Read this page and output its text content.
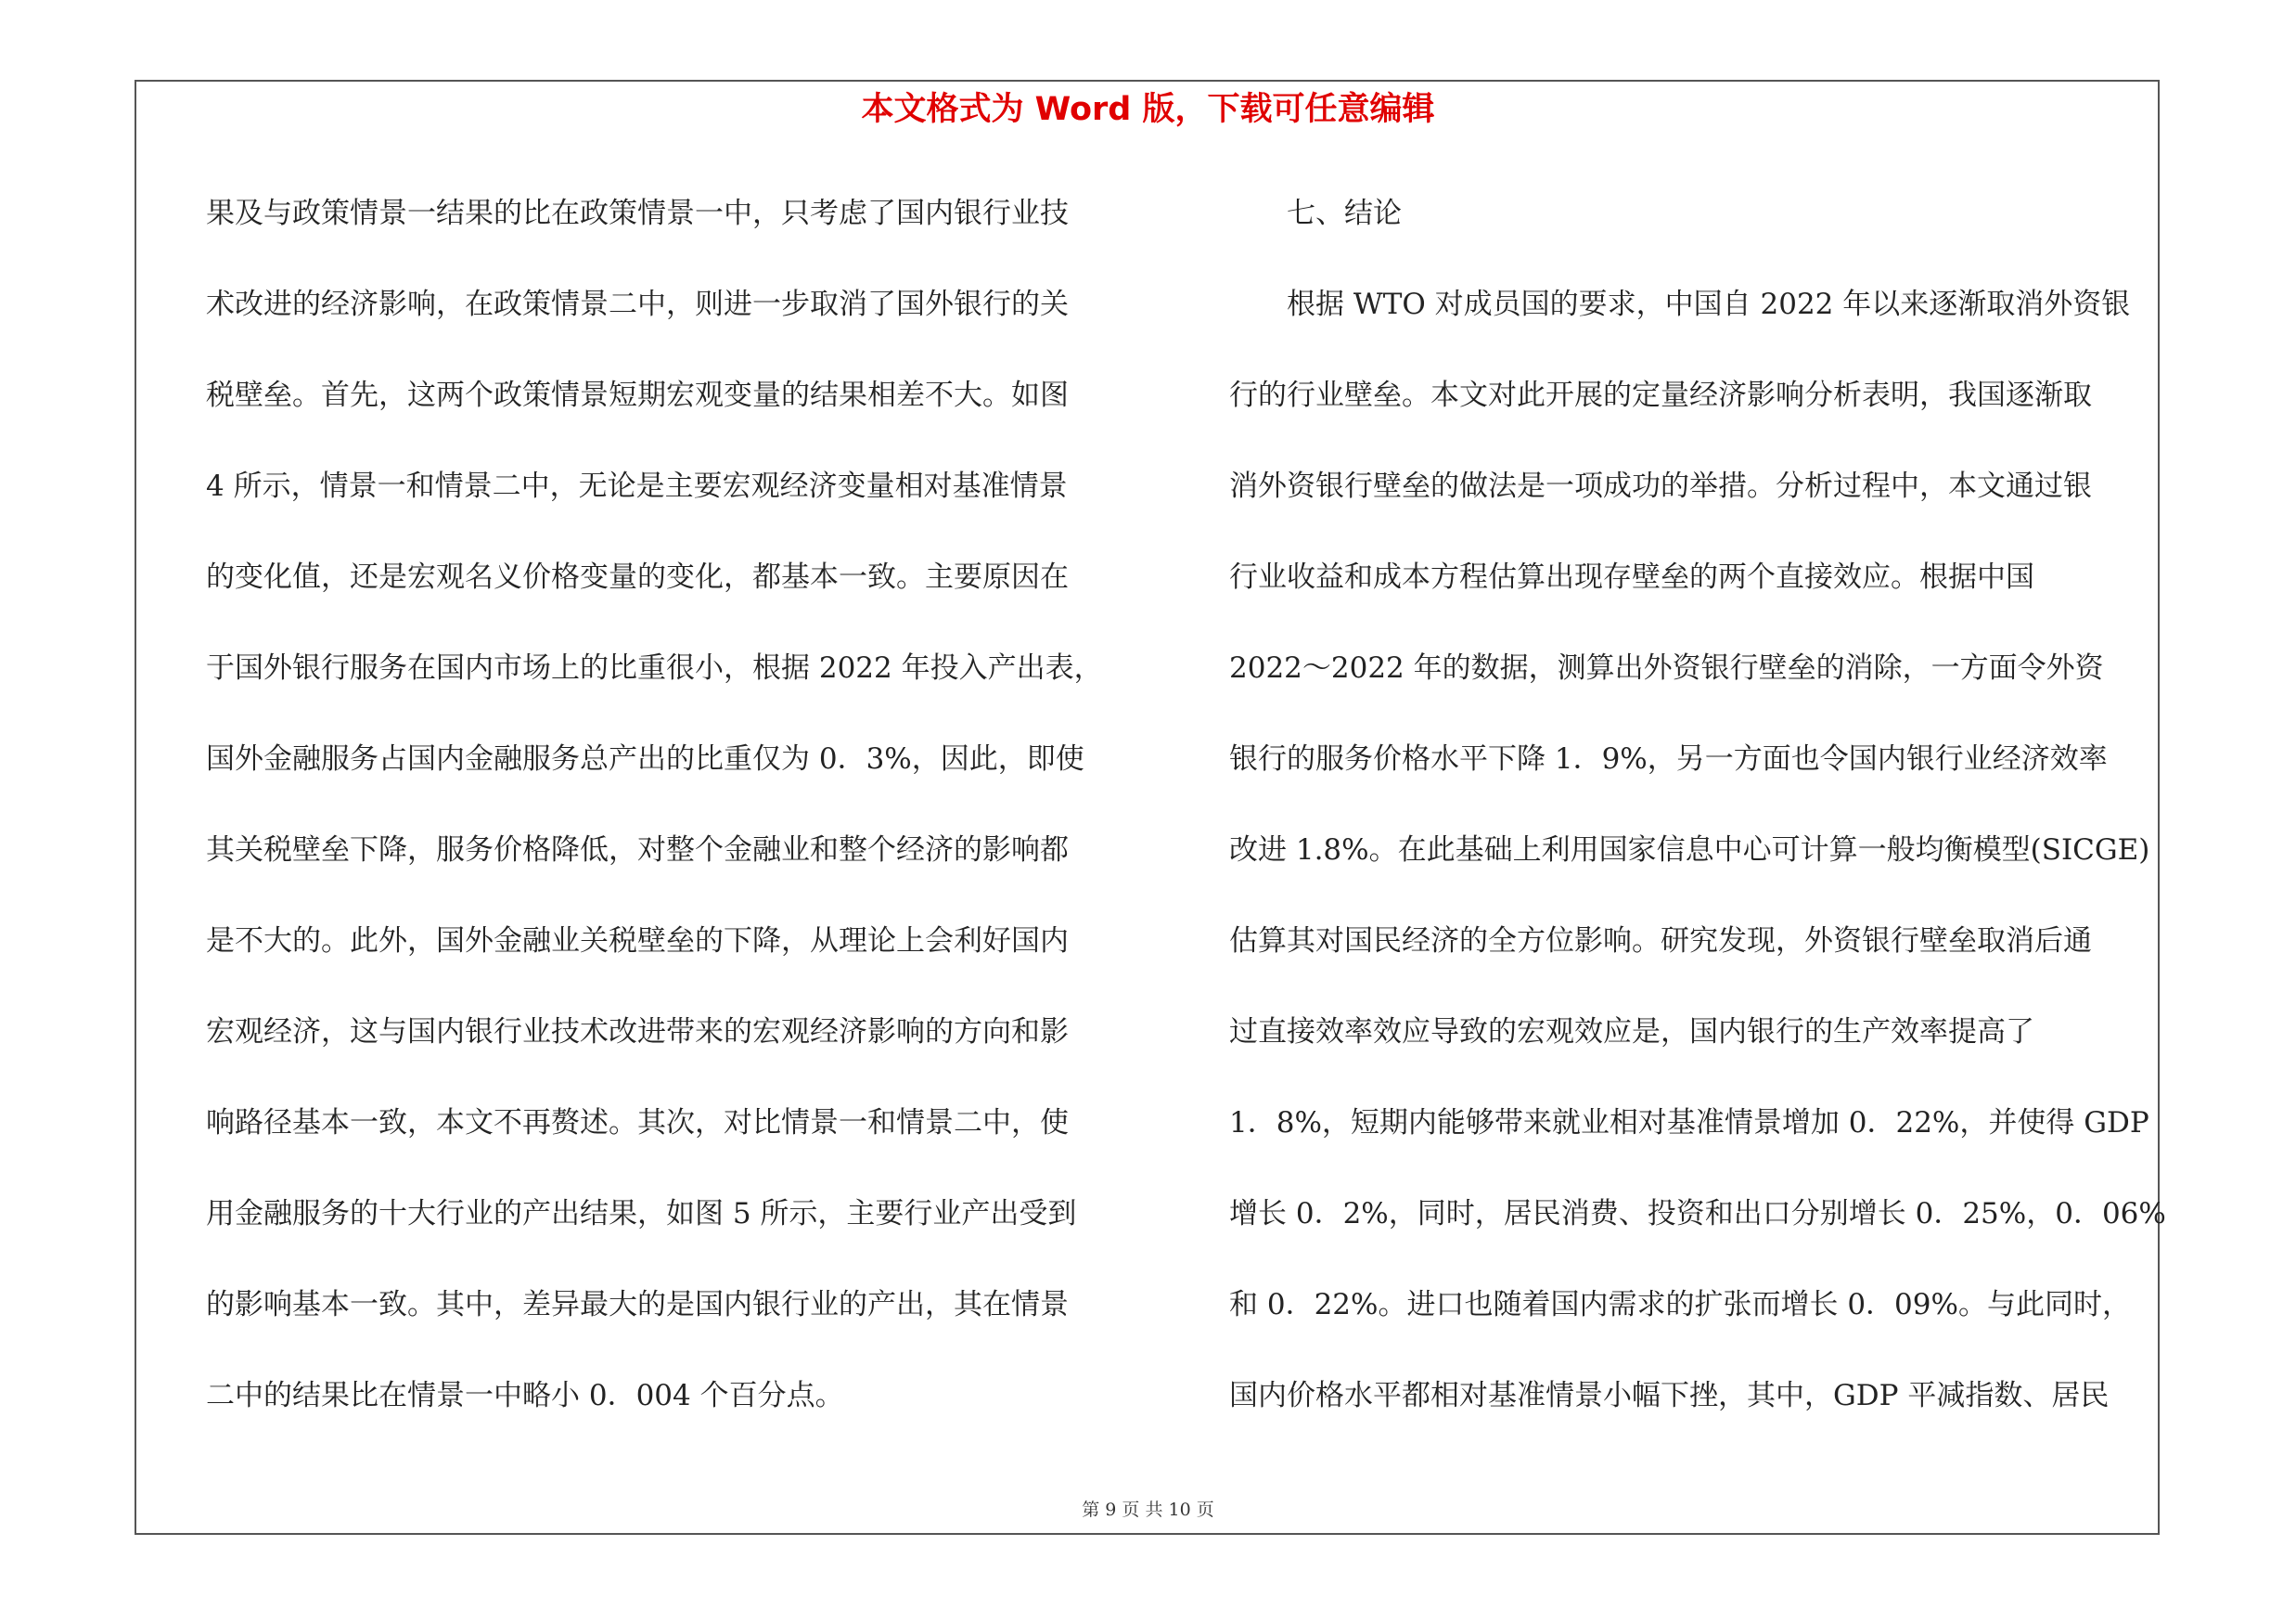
本文格式为 Word 版，下载可任意编辑
果及与政策情景一结果的比在政策情景一中，只考虑了国内银行业技
术改进的经济影响，在政策情景二中，则进一步取消了国外银行的关
税壁垒。首先，这两个政策情景短期宏观变量的结果相差不大。如图
4 所示，情景一和情景二中，无论是主要宏观经济变量相对基准情景
的变化值，还是宏观名义价格变量的变化，都基本一致。主要原因在
于国外银行服务在国内市场上的比重很小，根据 2022 年投入产出表，
国外金融服务占国内金融服务总产出的比重仅为 0．3%，因此，即使
其关税壁垒下降，服务价格降低，对整个金融业和整个经济的影响都
是不大的。此外，国外金融业关税壁垒的下降，从理论上会利好国内
宏观经济，这与国内银行业技术改进带来的宏观经济影响的方向和影
响路径基本一致，本文不再赘述。其次，对比情景一和情景二中，使
用金融服务的十大行业的产出结果，如图 5 所示，主要行业产出受到
的影响基本一致。其中，差异最大的是国内银行业的产出，其在情景
二中的结果比在情景一中略小 0．004 个百分点。
七、结论
根据 WTO 对成员国的要求，中国自 2022 年以来逐渐取消外资银
行的行业壁垒。本文对此开展的定量经济影响分析表明，我国逐渐取
消外资银行壁垒的做法是一项成功的举措。分析过程中，本文通过银
行业收益和成本方程估算出现存壁垒的两个直接效应。根据中国
2022～2022 年的数据，测算出外资银行壁垒的消除，一方面令外资
银行的服务价格水平下降 1．9%，另一方面也令国内银行业经济效率
改进 1.8%。在此基础上利用国家信息中心可计算一般均衡模型(SICGE)
估算其对国民经济的全方位影响。研究发现，外资银行壁垒取消后通
过直接效率效应导致的宏观效应是，国内银行的生产效率提高了
1．8%，短期内能够带来就业相对基准情景增加 0．22%，并使得 GDP
增长 0．2%，同时，居民消费、投资和出口分别增长 0．25%，0．06%
和 0．22%。进口也随着国内需求的扩张而增长 0．09%。与此同时，
国内价格水平都相对基准情景小幅下挫，其中，GDP 平减指数、居民
第 9 页 共 10 页
